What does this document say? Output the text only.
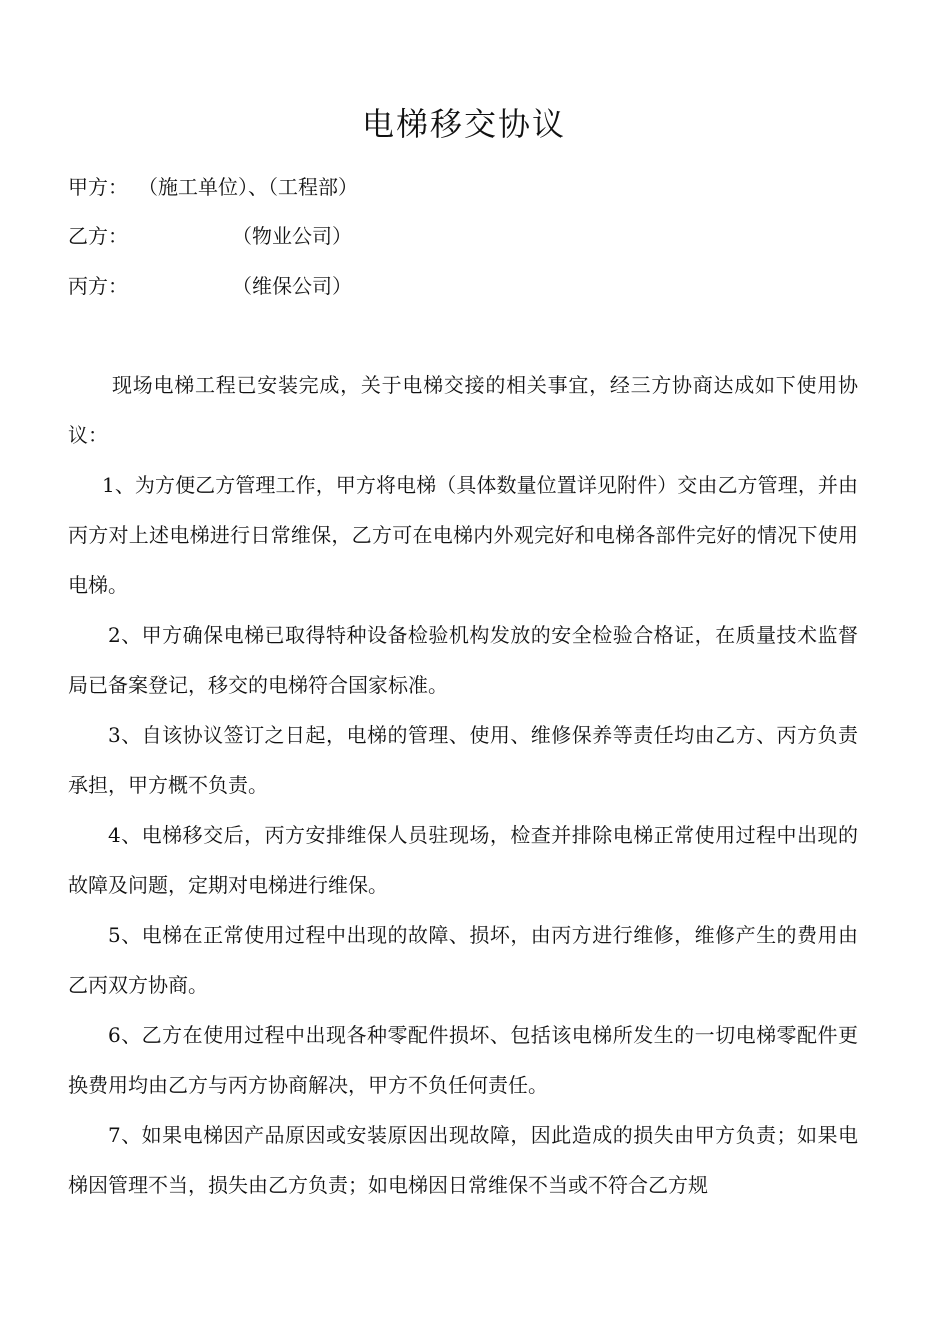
电梯移交协议
甲方： （施工单位）、（工程部）
乙方：	（物业公司）
丙方：	（维保公司）

现场电梯工程已安装完成，关于电梯交接的相关事宜，经三方协商达成如下使用协议：

1、为方便乙方管理工作，甲方将电梯（具体数量位置详见附件）交由乙方管理，并由丙方对上述电梯进行日常维保，乙方可在电梯内外观完好和电梯各部件完好的情况下使用电梯。

2、甲方确保电梯已取得特种设备检验机构发放的安全检验合格证，在质量技术监督局已备案登记，移交的电梯符合国家标准。

3、自该协议签订之日起，电梯的管理、使用、维修保养等责任均由乙方、丙方负责承担，甲方概不负责。

4、电梯移交后，丙方安排维保人员驻现场，检查并排除电梯正常使用过程中出现的故障及问题，定期对电梯进行维保。

5、电梯在正常使用过程中出现的故障、损坏，由丙方进行维修，维修产生的费用由乙丙双方协商。

6、乙方在使用过程中出现各种零配件损坏、包括该电梯所发生的一切电梯零配件更换费用均由乙方与丙方协商解决，甲方不负任何责任。

7、如果电梯因产品原因或安装原因出现故障，因此造成的损失由甲方负责；如果电梯因管理不当，损失由乙方负责；如电梯因日常维保不当或不符合乙方规
